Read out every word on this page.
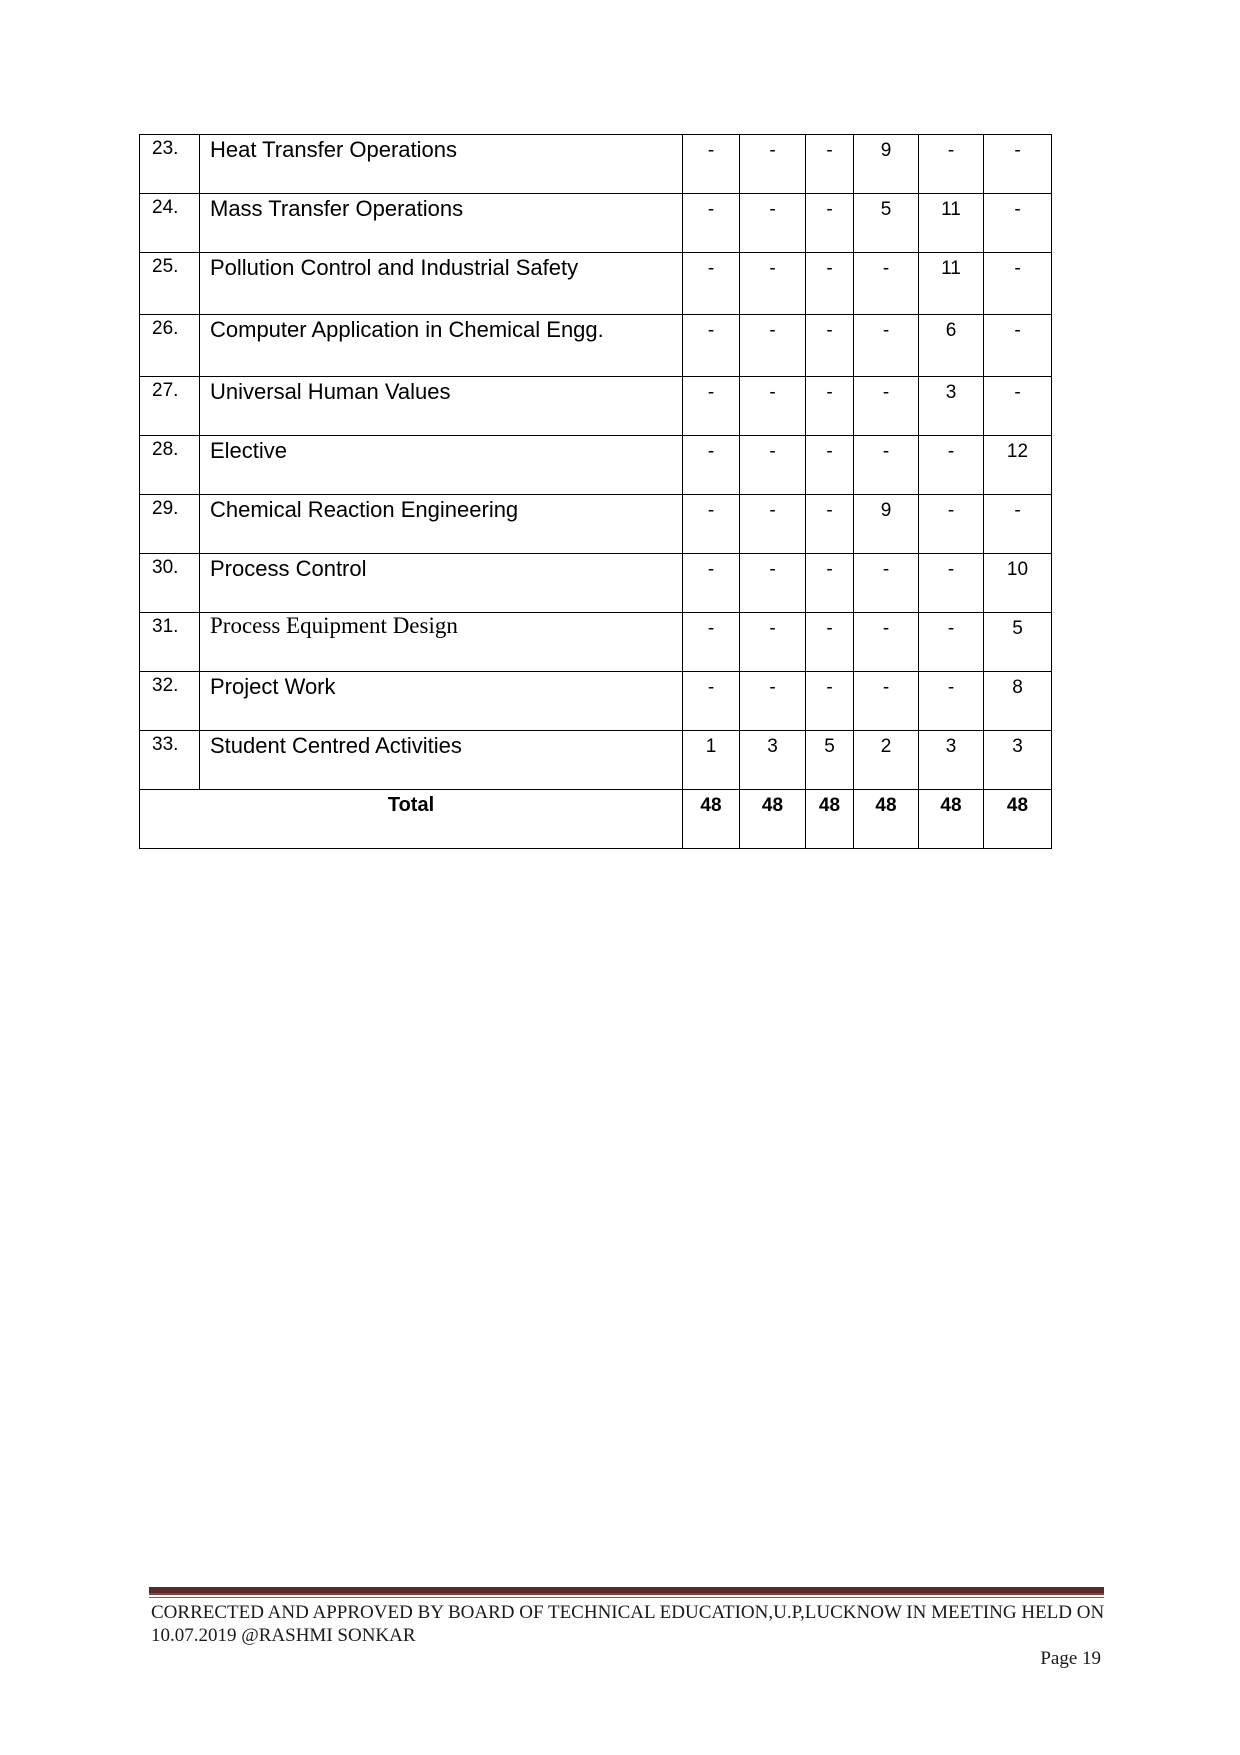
23.	Heat Transfer Operations	-	-	-	9	-	-
24.	Mass Transfer Operations	-	-	-	5	11	-
25.	Pollution Control and Industrial Safety	-	-	-	-	11	-
26.	Computer Application in Chemical Engg.	-	-	-	-	6	-
27.	Universal Human Values	-	-	-	-	3	-
28.	Elective	-	-	-	-	-	12
29.	Chemical Reaction Engineering	-	-	-	9	-	-
30.	Process Control	-	-	-	-	-	10
31.	Process Equipment Design	-	-	-	-	-	5
32.	Project Work	-	-	-	-	-	8
33.	Student Centred Activities	1	3	5	2	3	3
Total		48	48	48	48	48	48
CORRECTED AND APPROVED BY BOARD OF TECHNICAL EDUCATION,U.P,LUCKNOW IN MEETING HELD ON 10.07.2019 @RASHMI SONKAR
Page 19
